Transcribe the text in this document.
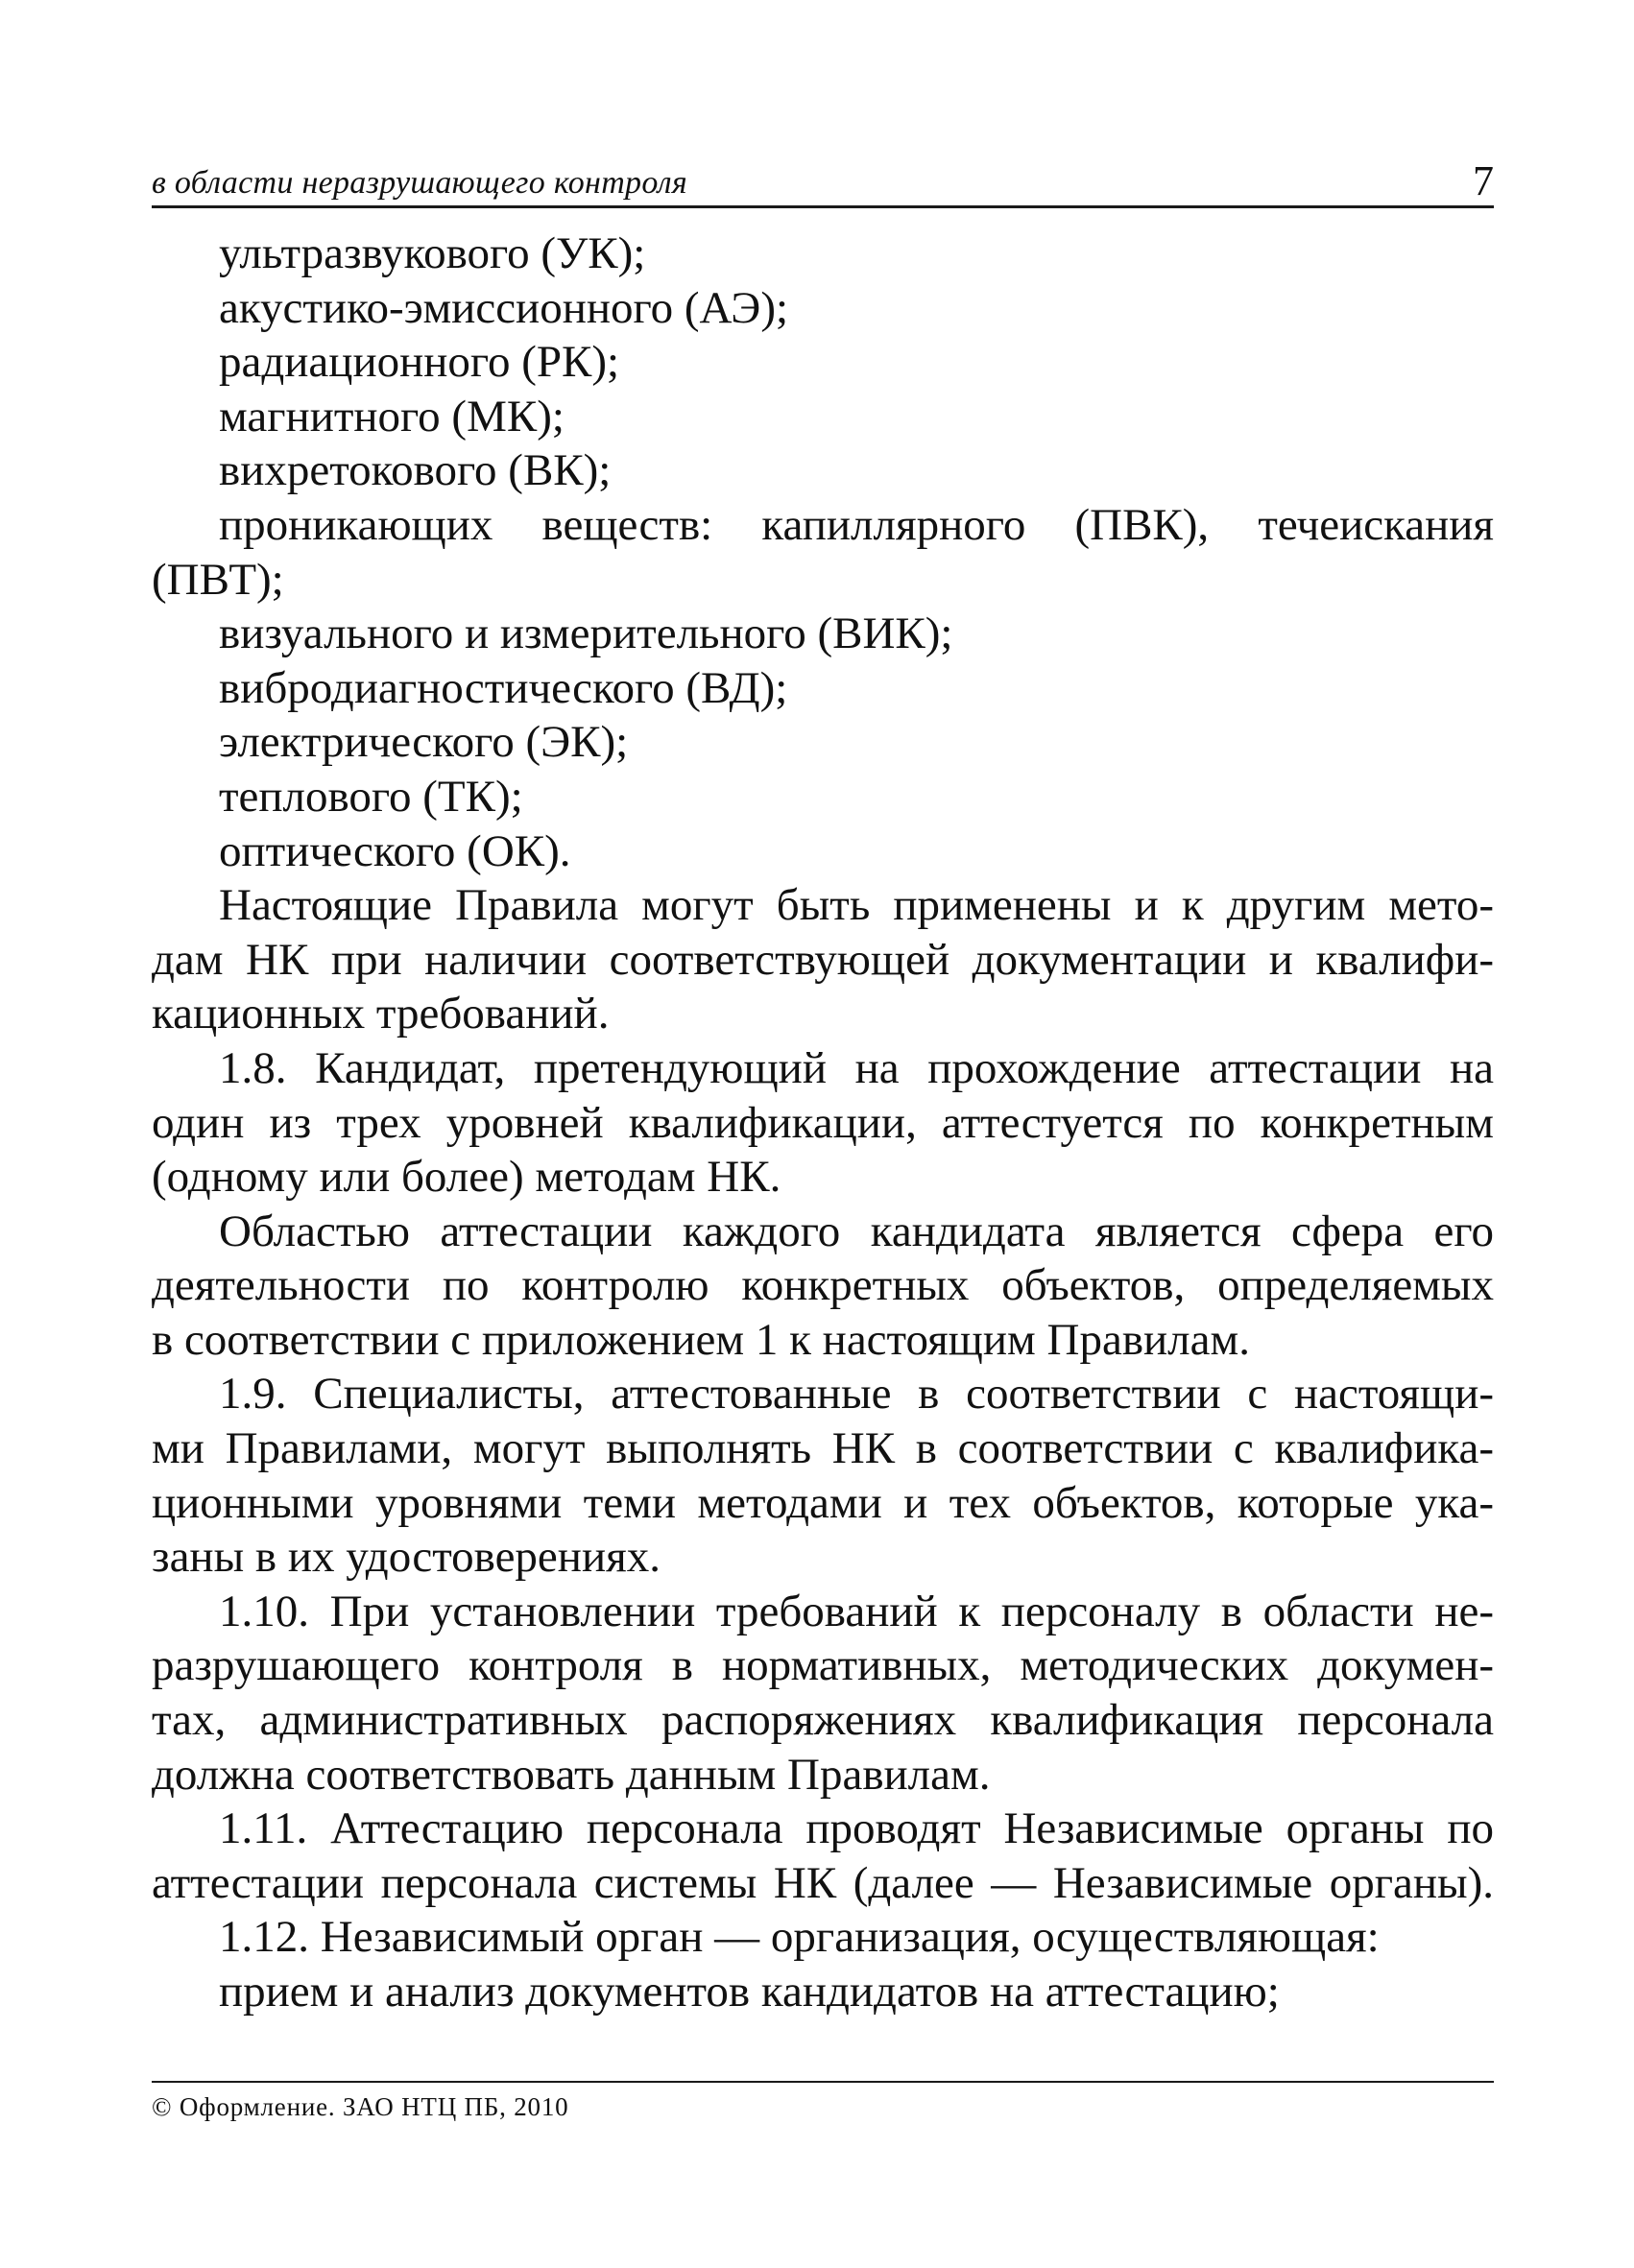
в области неразрушающего контроля	7
ультразвукового (УК);
акустико-эмиссионного (АЭ);
радиационного (РК);
магнитного (МК);
вихретокового (ВК);
проникающих веществ: капиллярного (ПВК), течеискания
(ПВТ);
визуального и измерительного (ВИК);
вибродиагностического (ВД);
электрического (ЭК);
теплового (ТК);
оптического (ОК).
Настоящие Правила могут быть применены и к другим мето-
дам НК при наличии соответствующей документации и квалифи-
кационных требований.
1.8. Кандидат, претендующий на прохождение аттестации на
один из трех уровней квалификации, аттестуется по конкретным
(одному или более) методам НК.
Областью аттестации каждого кандидата является сфера его
деятельности по контролю конкретных объектов, определяемых
в соответствии с приложением 1 к настоящим Правилам.
1.9. Специалисты, аттестованные в соответствии с настоящи-
ми Правилами, могут выполнять НК в соответствии с квалифика-
ционными уровнями теми методами и тех объектов, которые ука-
заны в их удостоверениях.
1.10. При установлении требований к персоналу в области не-
разрушающего контроля в нормативных, методических докумен-
тах, административных распоряжениях квалификация персонала
должна соответствовать данным Правилам.
1.11. Аттестацию персонала проводят Независимые органы по
аттестации персонала системы НК (далее — Независимые органы).
1.12. Независимый орган — организация, осуществляющая:
прием и анализ документов кандидатов на аттестацию;
© Оформление. ЗАО НТЦ ПБ, 2010
